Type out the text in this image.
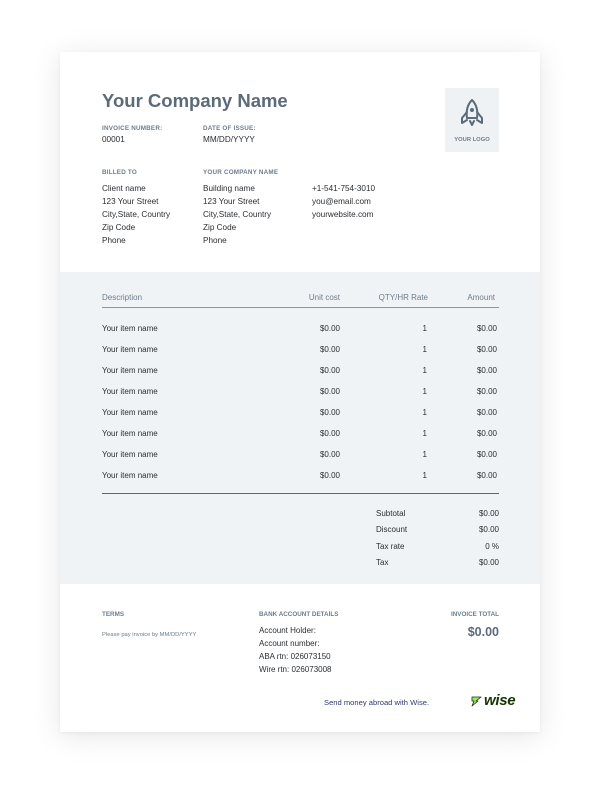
Your Company Name
INVOICE NUMBER:
00001
DATE OF ISSUE:
MM/DD/YYYY	YOUR LOGO
BILLED TO
Client name
123 Your Street
City,State, Country
Zip Code
Phone
YOUR COMPANY NAME
Building name
123 Your Street
City,State, Country
Zip Code
Phone
+1-541-754-3010
you@email.com
yourwebsite.com
Description	Unit cost	QTY/HR Rate	Amount
Your item name	$0.00	1	$0.00
Your item name	$0.00	1	$0.00
Your item name	$0.00	1	$0.00
Your item name	$0.00	1	$0.00
Your item name	$0.00	1	$0.00
Your item name	$0.00	1	$0.00
Your item name	$0.00	1	$0.00
Your item name	$0.00	1	$0.00
Subtotal	$0.00
Discount	$0.00
Tax rate	0 %
Tax	$0.00
TERMS
Please pay invoice by MM/DD/YYYY
BANK ACCOUNT DETAILS
Account Holder:
Account number:
ABA rtn: 026073150
Wire rtn: 026073008
INVOICE TOTAL
$0.00
Send money abroad with Wise.	wise
